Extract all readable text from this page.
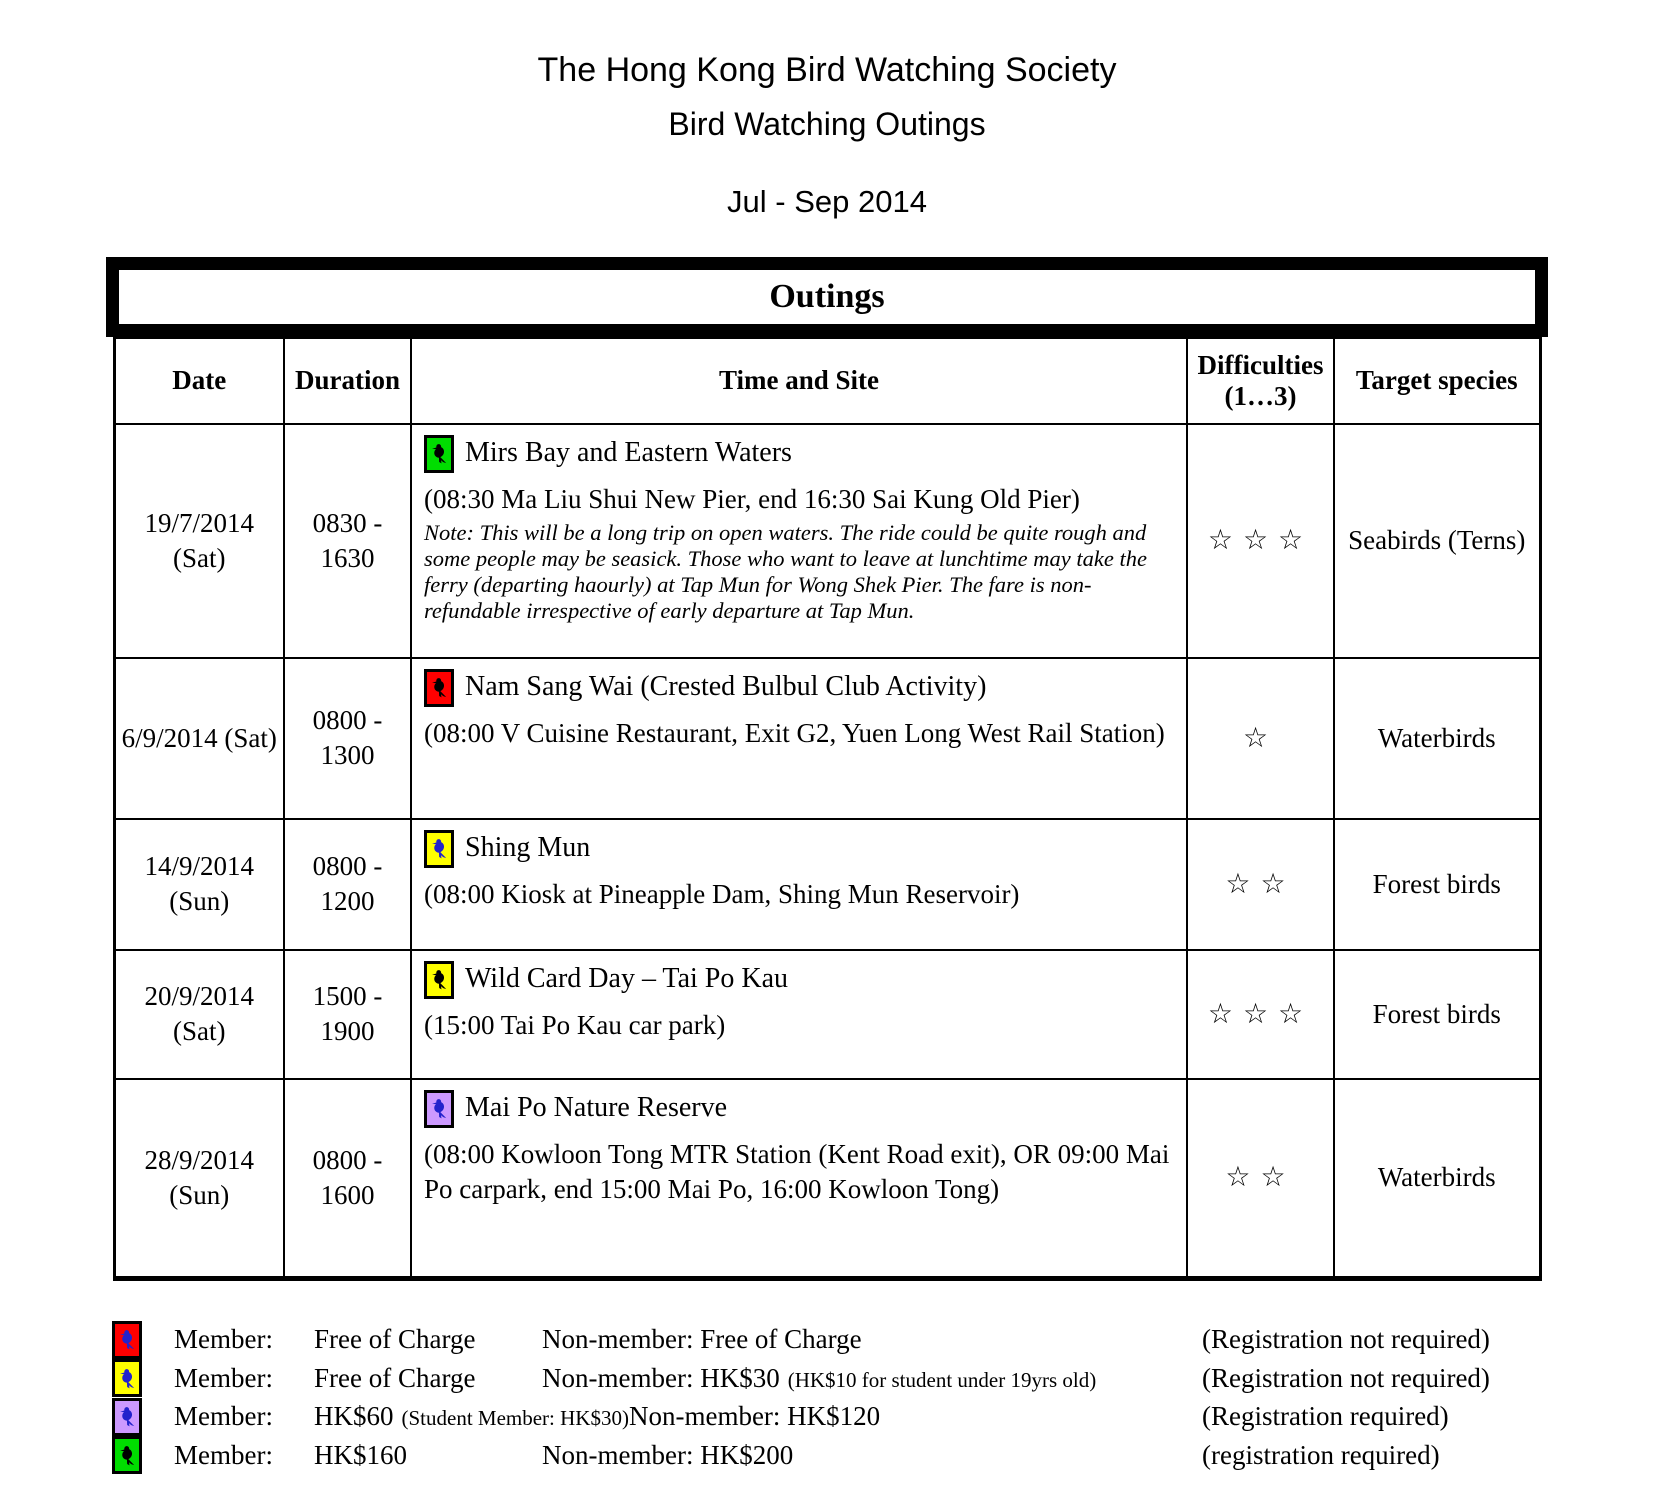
The Hong Kong Bird Watching Society
Bird Watching Outings
Jul - Sep 2014
Outings
Date	Duration	Time and Site	Difficulties
(1…3)	Target species
19/7/2014 (Sat)	0830 - 1630	Mirs Bay and Eastern Waters
(08:30 Ma Liu Shui New Pier, end 16:30 Sai Kung Old Pier)
Note: This will be a long trip on open waters. The ride could be quite rough and some people may be seasick. Those who want to leave at lunchtime may take the ferry (departing haourly) at Tap Mun for Wong Shek Pier. The fare is non-refundable irrespective of early departure at Tap Mun.	☆☆☆	Seabirds (Terns)
6/9/2014 (Sat)	0800 - 1300	Nam Sang Wai (Crested Bulbul Club Activity)
(08:00 V Cuisine Restaurant, Exit G2, Yuen Long West Rail Station)	☆	Waterbirds
14/9/2014 (Sun)	0800 - 1200	Shing Mun
(08:00 Kiosk at Pineapple Dam, Shing Mun Reservoir)	☆☆	Forest birds
20/9/2014 (Sat)	1500 - 1900	Wild Card Day – Tai Po Kau
(15:00 Tai Po Kau car park)	☆☆☆	Forest birds
28/9/2014 (Sun)	0800 - 1600	Mai Po Nature Reserve
(08:00 Kowloon Tong MTR Station (Kent Road exit), OR 09:00 Mai Po carpark, end 15:00 Mai Po, 16:00 Kowloon Tong)	☆☆	Waterbirds
Member:	Free of Charge Non-member: Free of Charge	(Registration not required)
Member:	Free of Charge Non-member: HK$30 (HK$10 for student under 19yrs old)	(Registration not required)
Member:	HK$60 (Student Member: HK$30) Non-member: HK$120	(Registration required)
Member:	HK$160	Non-member: HK$200	(registration required)
